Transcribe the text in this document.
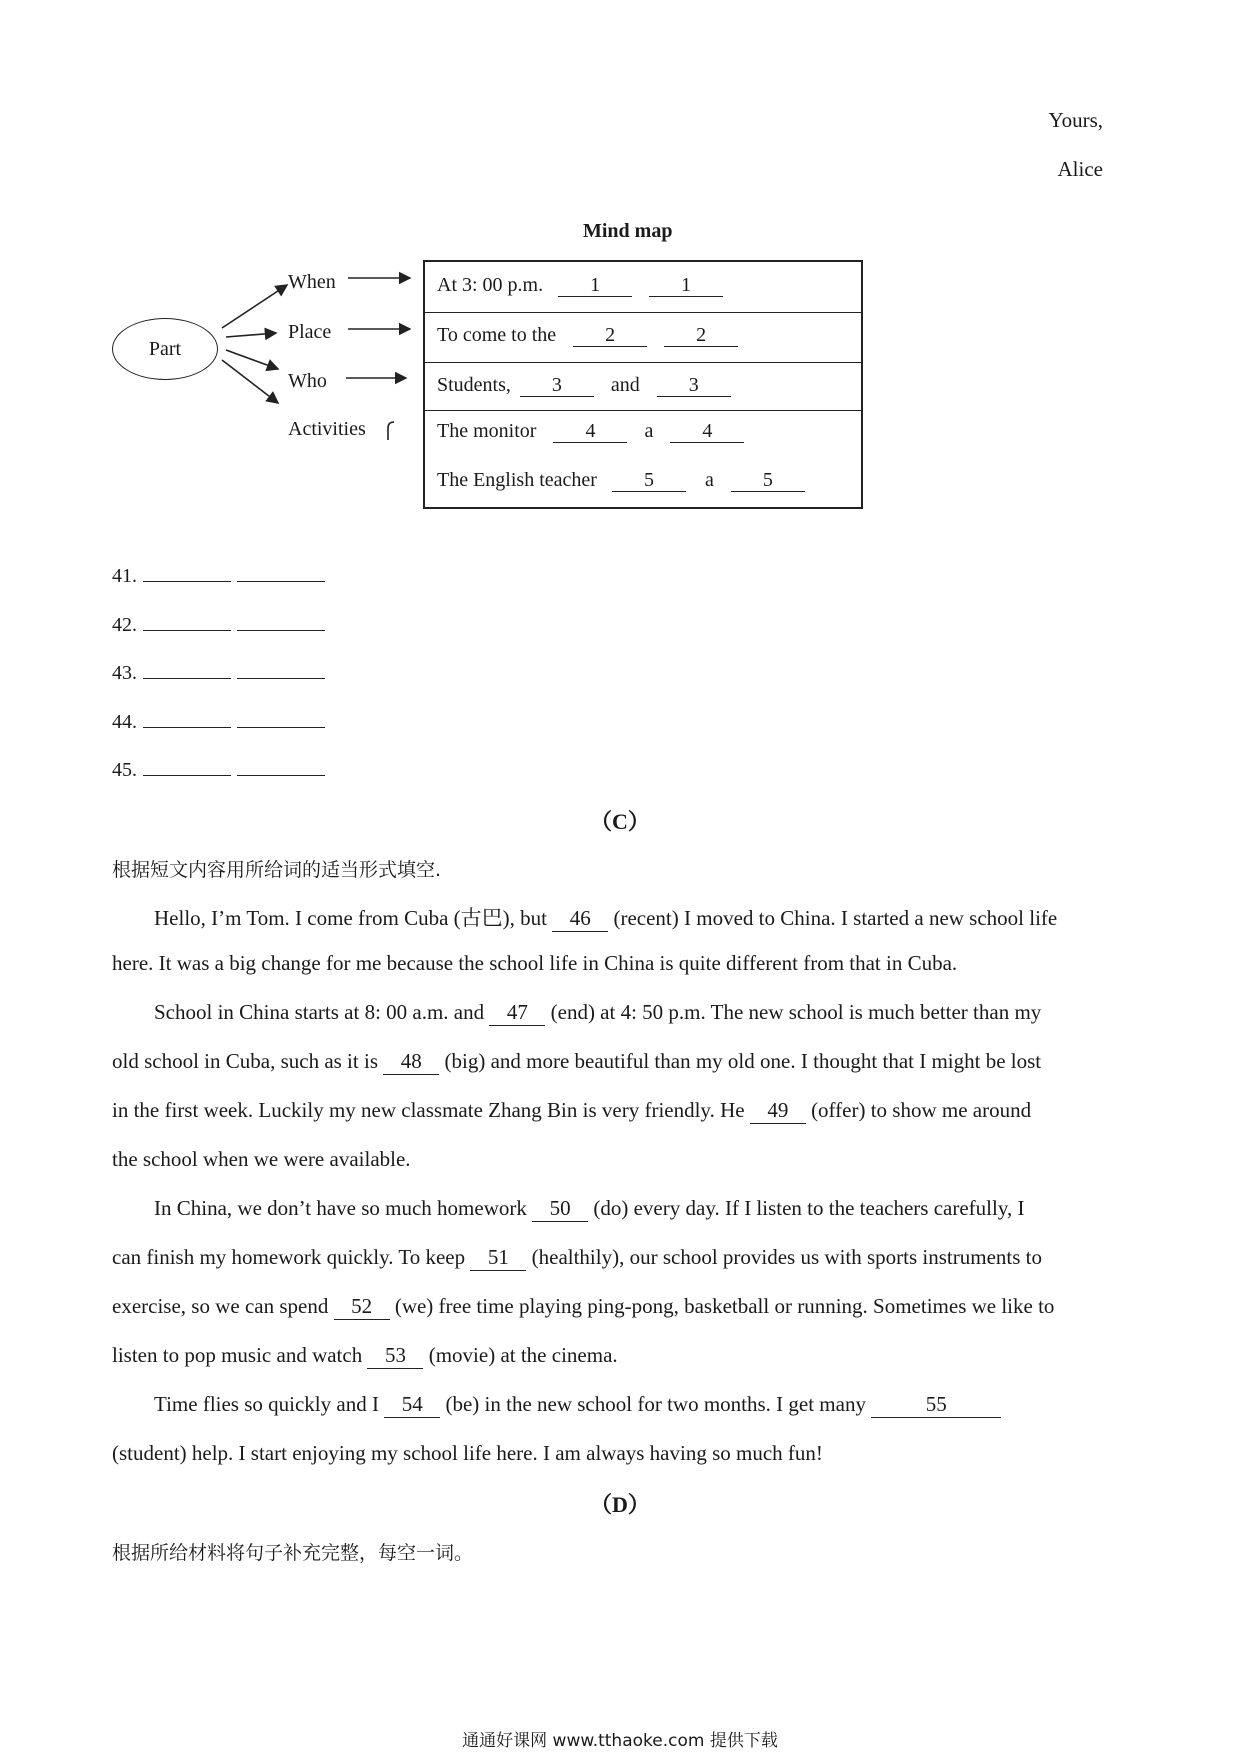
Yours,
Alice
Mind map
Part
When
Place
Who
Activities
At 3: 00 p.m. 1	1
To come to the 2	2
Students, 3 and 3
The monitor 4 a 4
The English teacher 5	a 5
41.
42.
43.
44.
45.
（C）
根据短文内容用所给词的适当形式填空.
Hello, I’m Tom. I come from Cuba (古巴), but 46 (recent) I moved to China. I started a new school life
here. It was a big change for me because the school life in China is quite different from that in Cuba.
School in China starts at 8: 00 a.m. and 47 (end) at 4: 50 p.m. The new school is much better than my
old school in Cuba, such as it is 48 (big) and more beautiful than my old one. I thought that I might be lost
in the first week. Luckily my new classmate Zhang Bin is very friendly. He 49 (offer) to show me around
the school when we were available.
In China, we don’t have so much homework 50 (do) every day. If I listen to the teachers carefully, I
can finish my homework quickly. To keep 51 (healthily), our school provides us with sports instruments to
exercise, so we can spend 52 (we) free time playing ping-pong, basketball or running. Sometimes we like to
listen to pop music and watch 53 (movie) at the cinema.
Time flies so quickly and I 54 (be) in the new school for two months. I get many	55
(student) help. I start enjoying my school life here. I am always having so much fun!
（D）
根据所给材料将句子补充完整，每空一词。
通通好课网 www.tthaoke.com 提供下载
